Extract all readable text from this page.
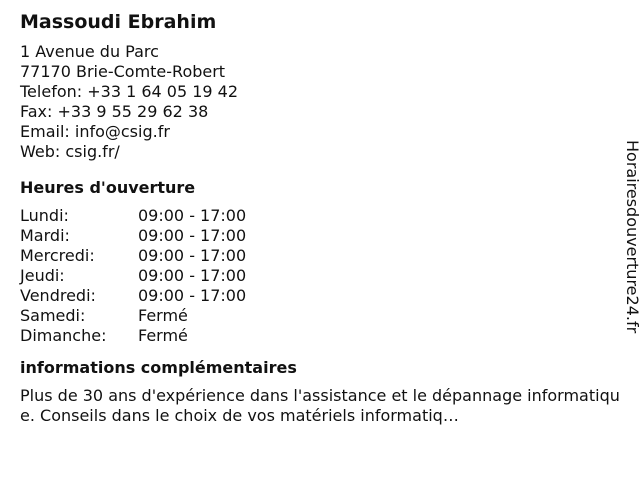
Massoudi Ebrahim
1 Avenue du Parc
77170 Brie-Comte-Robert
Telefon: +33 1 64 05 19 42
Fax: +33 9 55 29 62 38
Email: info@csig.fr
Web: csig.fr/
Heures d'ouverture
Lundi:	09:00 - 17:00
Mardi:	09:00 - 17:00
Mercredi:	09:00 - 17:00
Jeudi:	09:00 - 17:00
Vendredi:	09:00 - 17:00
Samedi:	Fermé
Dimanche:	Fermé
informations complémentaires
Plus de 30 ans d'expérience dans l'assistance et le dépannage informatique. Conseils dans le choix de vos matériels informatiq…
Horairesdouverture24.fr
